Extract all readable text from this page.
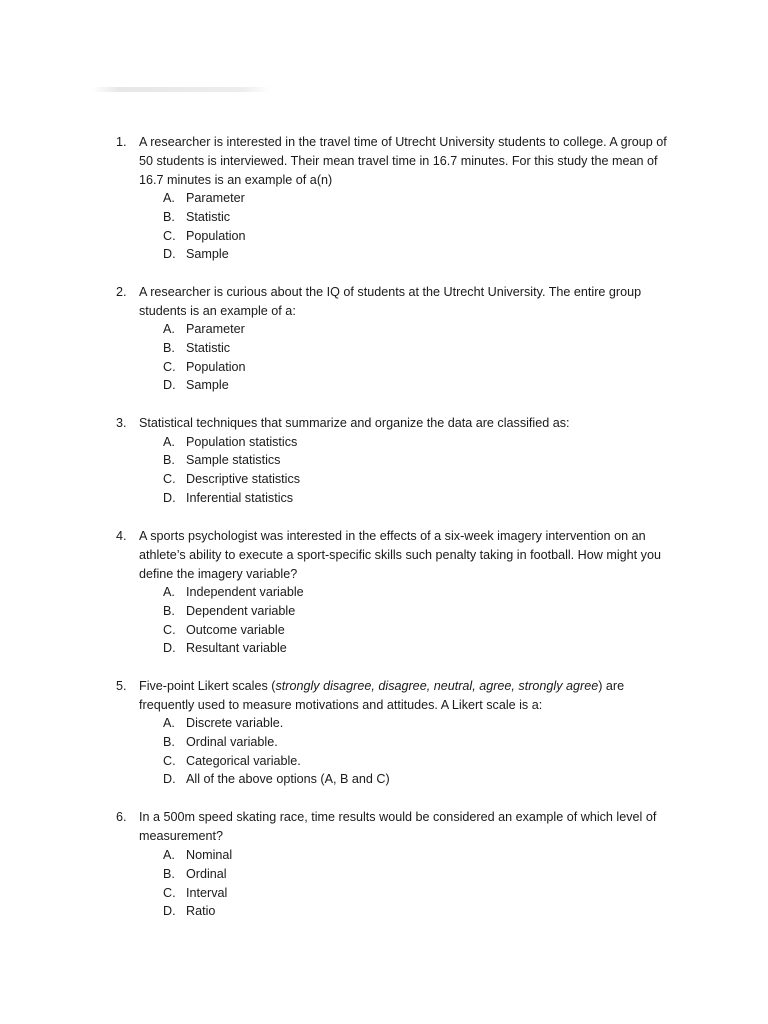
1. A researcher is interested in the travel time of Utrecht University students to college. A group of 50 students is interviewed. Their mean travel time in 16.7 minutes. For this study the mean of 16.7 minutes is an example of a(n)
A. Parameter
B. Statistic
C. Population
D. Sample
2. A researcher is curious about the IQ of students at the Utrecht University. The entire group students is an example of a:
A. Parameter
B. Statistic
C. Population
D. Sample
3. Statistical techniques that summarize and organize the data are classified as:
A. Population statistics
B. Sample statistics
C. Descriptive statistics
D. Inferential statistics
4. A sports psychologist was interested in the effects of a six-week imagery intervention on an athlete’s ability to execute a sport-specific skills such penalty taking in football. How might you define the imagery variable?
A. Independent variable
B. Dependent variable
C. Outcome variable
D. Resultant variable
5. Five-point Likert scales (strongly disagree, disagree, neutral, agree, strongly agree) are frequently used to measure motivations and attitudes. A Likert scale is a:
A. Discrete variable.
B. Ordinal variable.
C. Categorical variable.
D. All of the above options (A, B and C)
6. In a 500m speed skating race, time results would be considered an example of which level of measurement?
A. Nominal
B. Ordinal
C. Interval
D. Ratio
